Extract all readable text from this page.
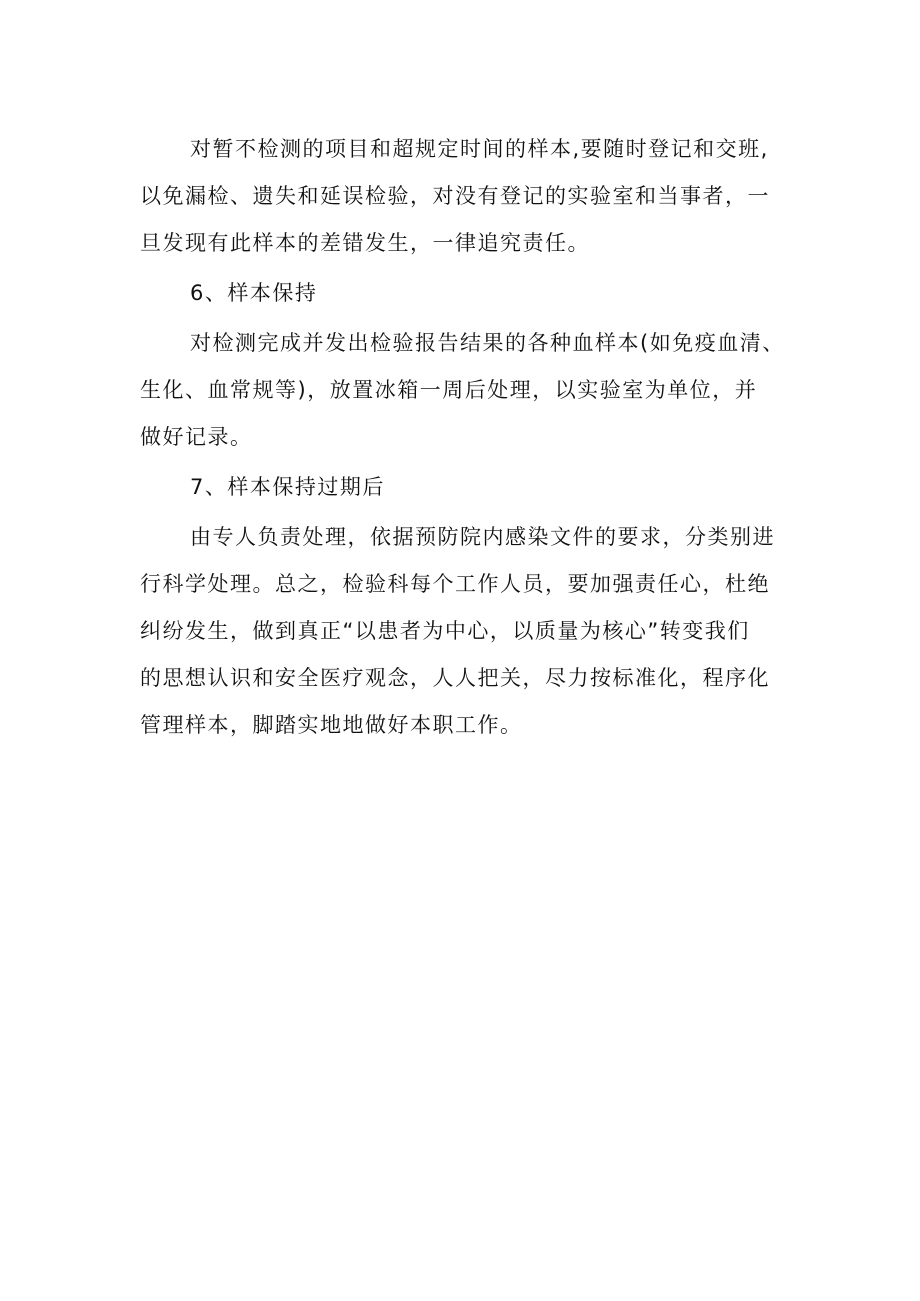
对暂不检测的项目和超规定时间的样本,要随时登记和交班,
以免漏检、遗失和延误检验，对没有登记的实验室和当事者，一
旦发现有此样本的差错发生，一律追究责任。
6、样本保持
对检测完成并发出检验报告结果的各种血样本(如免疫血清、
生化、血常规等)，放置冰箱一周后处理，以实验室为单位，并
做好记录。
7、样本保持过期后
由专人负责处理，依据预防院内感染文件的要求，分类别进
行科学处理。总之，检验科每个工作人员，要加强责任心，杜绝
纠纷发生，做到真正“以患者为中心，以质量为核心”转变我们
的思想认识和安全医疗观念，人人把关，尽力按标准化，程序化
管理样本，脚踏实地地做好本职工作。
